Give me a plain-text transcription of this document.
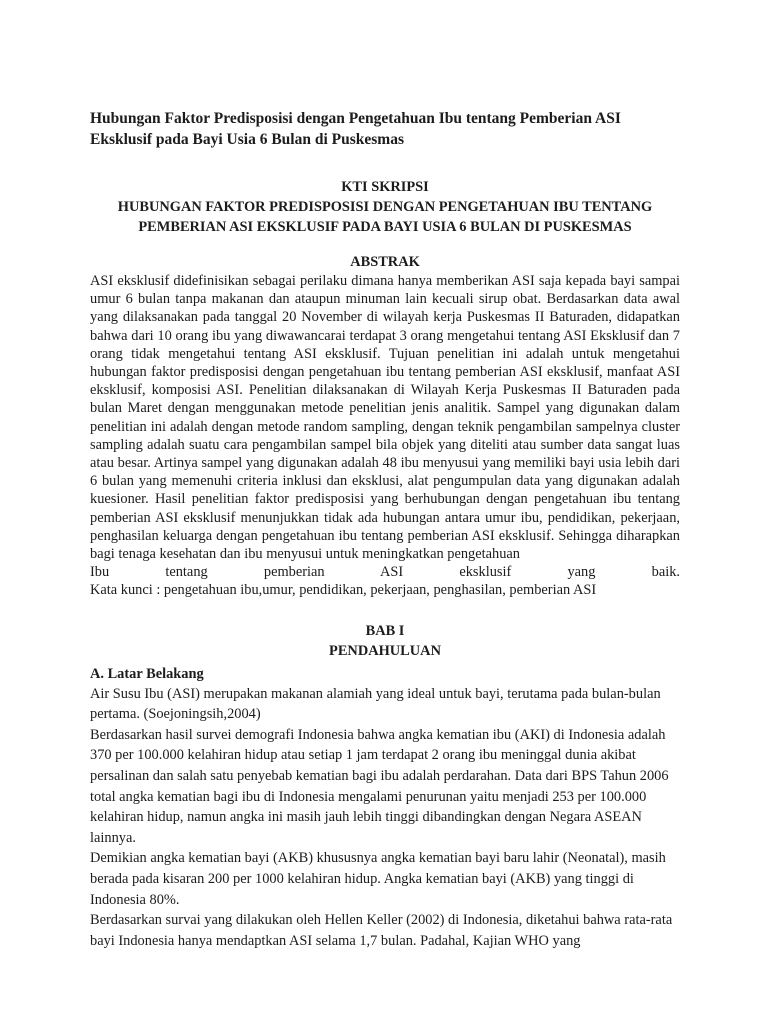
Hubungan Faktor Predisposisi dengan Pengetahuan Ibu tentang Pemberian ASI Eksklusif pada Bayi Usia 6 Bulan di Puskesmas
KTI SKRIPSI
HUBUNGAN FAKTOR PREDISPOSISI DENGAN PENGETAHUAN IBU TENTANG
PEMBERIAN ASI EKSKLUSIF PADA BAYI USIA 6 BULAN DI PUSKESMAS
ABSTRAK
ASI eksklusif didefinisikan sebagai perilaku dimana hanya memberikan ASI saja kepada bayi sampai umur 6 bulan tanpa makanan dan ataupun minuman lain kecuali sirup obat. Berdasarkan data awal yang dilaksanakan pada tanggal 20 November di wilayah kerja Puskesmas II Baturaden, didapatkan bahwa dari 10 orang ibu yang diwawancarai terdapat 3 orang mengetahui tentang ASI Eksklusif dan 7 orang tidak mengetahui tentang ASI eksklusif. Tujuan penelitian ini adalah untuk mengetahui hubungan faktor predisposisi dengan pengetahuan ibu tentang pemberian ASI eksklusif, manfaat ASI eksklusif, komposisi ASI. Penelitian dilaksanakan di Wilayah Kerja Puskesmas II Baturaden pada bulan Maret dengan menggunakan metode penelitian jenis analitik. Sampel yang digunakan dalam penelitian ini adalah dengan metode random sampling, dengan teknik pengambilan sampelnya cluster sampling adalah suatu cara pengambilan sampel bila objek yang diteliti atau sumber data sangat luas atau besar. Artinya sampel yang digunakan adalah 48 ibu menyusui yang memiliki bayi usia lebih dari 6 bulan yang memenuhi criteria inklusi dan eksklusi, alat pengumpulan data yang digunakan adalah kuesioner. Hasil penelitian faktor predisposisi yang berhubungan dengan pengetahuan ibu tentang pemberian ASI eksklusif menunjukkan tidak ada hubungan antara umur ibu, pendidikan, pekerjaan, penghasilan keluarga dengan pengetahuan ibu tentang pemberian ASI eksklusif. Sehingga diharapkan bagi tenaga kesehatan dan ibu menyusui untuk meningkatkan pengetahuan
Ibu tentang pemberian ASI eksklusif yang baik.
Kata kunci : pengetahuan ibu,umur, pendidikan, pekerjaan, penghasilan, pemberian ASI
BAB I
PENDAHULUAN
A. Latar Belakang
Air Susu Ibu (ASI) merupakan makanan alamiah yang ideal untuk bayi, terutama pada bulan-bulan pertama. (Soejoningsih,2004)
Berdasarkan hasil survei demografi Indonesia bahwa angka kematian ibu (AKI) di Indonesia adalah 370 per 100.000 kelahiran hidup atau setiap 1 jam terdapat 2 orang ibu meninggal dunia akibat persalinan dan salah satu penyebab kematian bagi ibu adalah perdarahan. Data dari BPS Tahun 2006 total angka kematian bagi ibu di Indonesia mengalami penurunan yaitu menjadi 253 per 100.000 kelahiran hidup, namun angka ini masih jauh lebih tinggi dibandingkan dengan Negara ASEAN lainnya.
Demikian angka kematian bayi (AKB) khususnya angka kematian bayi baru lahir (Neonatal), masih berada pada kisaran 200 per 1000 kelahiran hidup. Angka kematian bayi (AKB) yang tinggi di Indonesia 80%.
Berdasarkan survai yang dilakukan oleh Hellen Keller (2002) di Indonesia, diketahui bahwa rata-rata bayi Indonesia hanya mendaptkan ASI selama 1,7 bulan. Padahal, Kajian WHO yang
